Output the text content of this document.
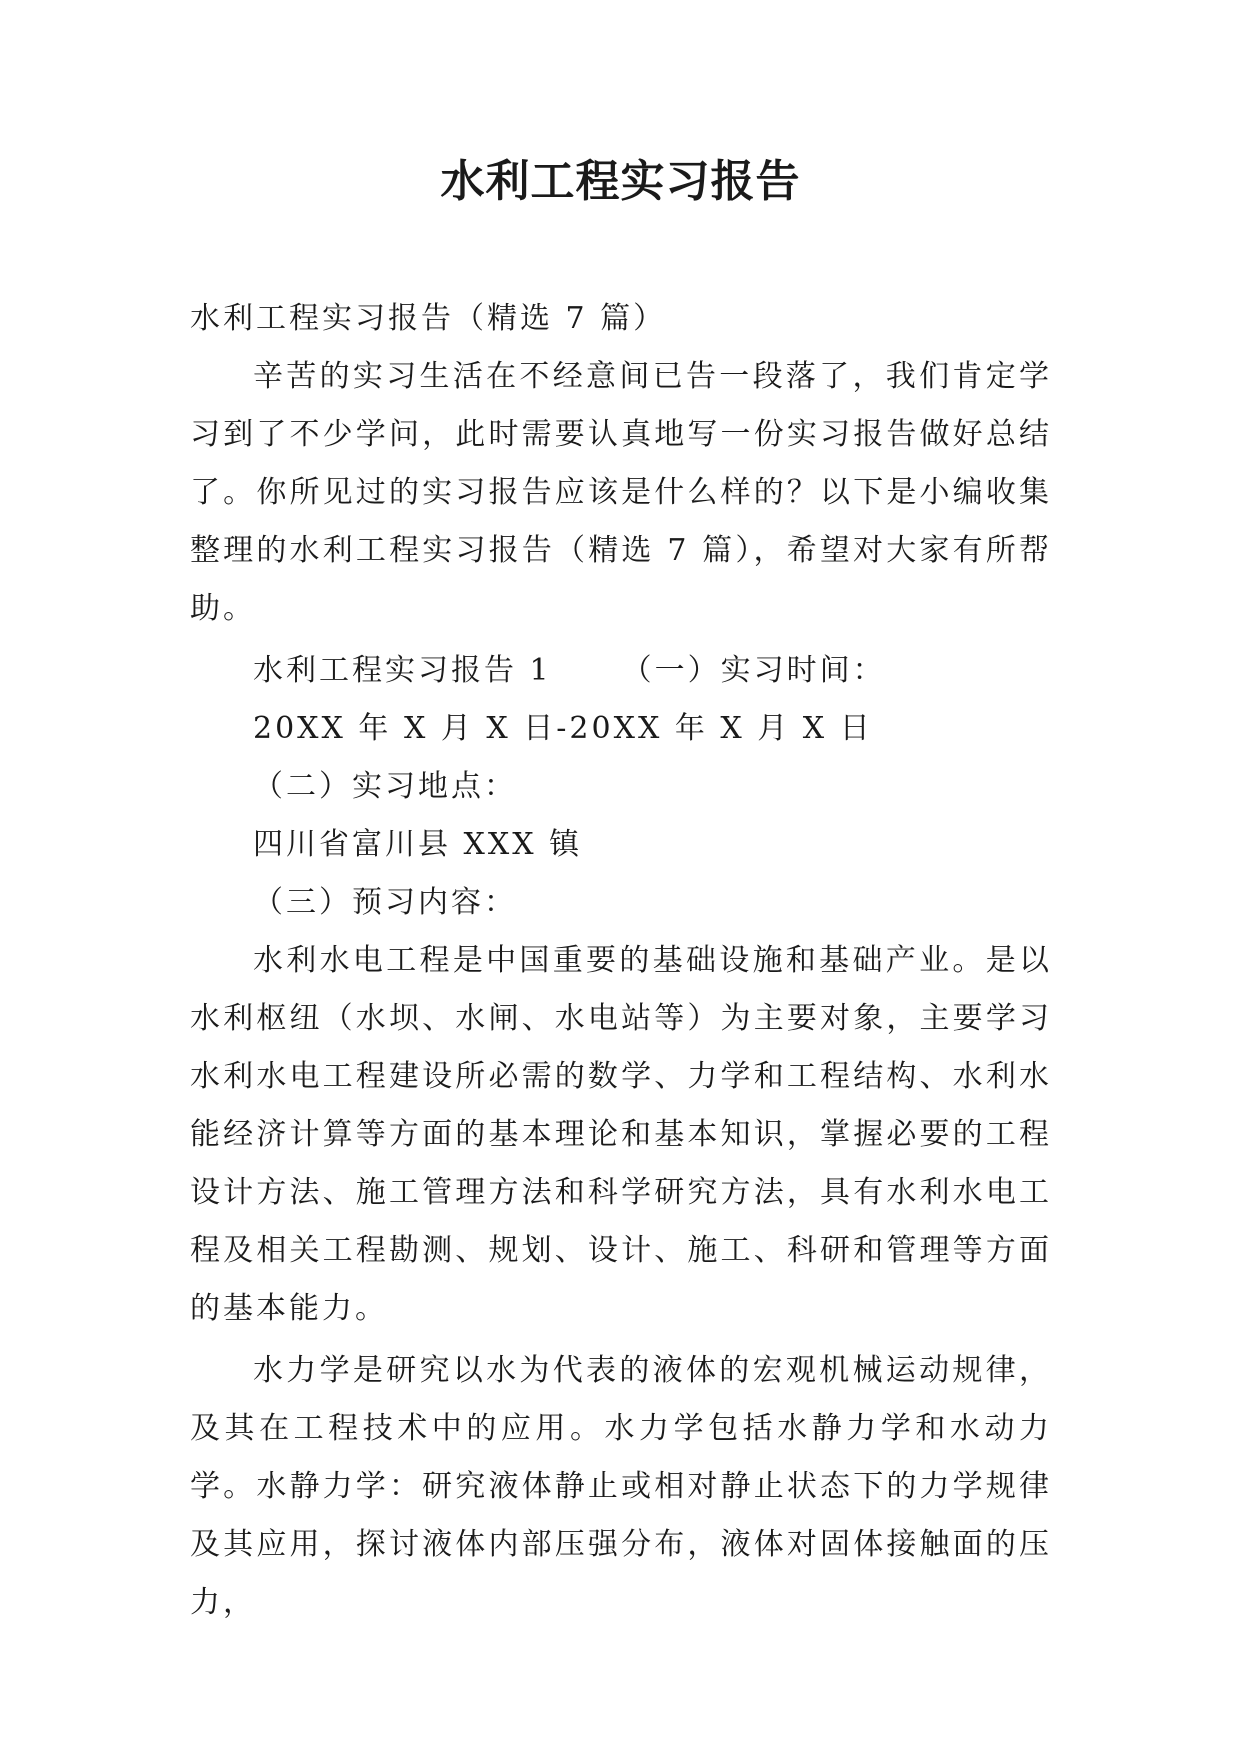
水利工程实习报告

水利工程实习报告（精选 7 篇）

辛苦的实习生活在不经意间已告一段落了，我们肯定学习到了不少学问，此时需要认真地写一份实习报告做好总结了。你所见过的实习报告应该是什么样的？以下是小编收集整理的水利工程实习报告（精选 7 篇），希望对大家有所帮助。

水利工程实习报告 1 （一）实习时间：

20XX 年 X 月 X 日-20XX 年 X 月 X 日

（二）实习地点：

四川省富川县 XXX 镇

（三）预习内容：

水利水电工程是中国重要的基础设施和基础产业。是以水利枢纽（水坝、水闸、水电站等）为主要对象，主要学习水利水电工程建设所必需的数学、力学和工程结构、水利水能经济计算等方面的基本理论和基本知识，掌握必要的工程设计方法、施工管理方法和科学研究方法，具有水利水电工程及相关工程勘测、规划、设计、施工、科研和管理等方面的基本能力。

水力学是研究以水为代表的液体的宏观机械运动规律，及其在工程技术中的应用。水力学包括水静力学和水动力学。水静力学：研究液体静止或相对静止状态下的力学规律及其应用，探讨液体内部压强分布，液体对固体接触面的压力，
